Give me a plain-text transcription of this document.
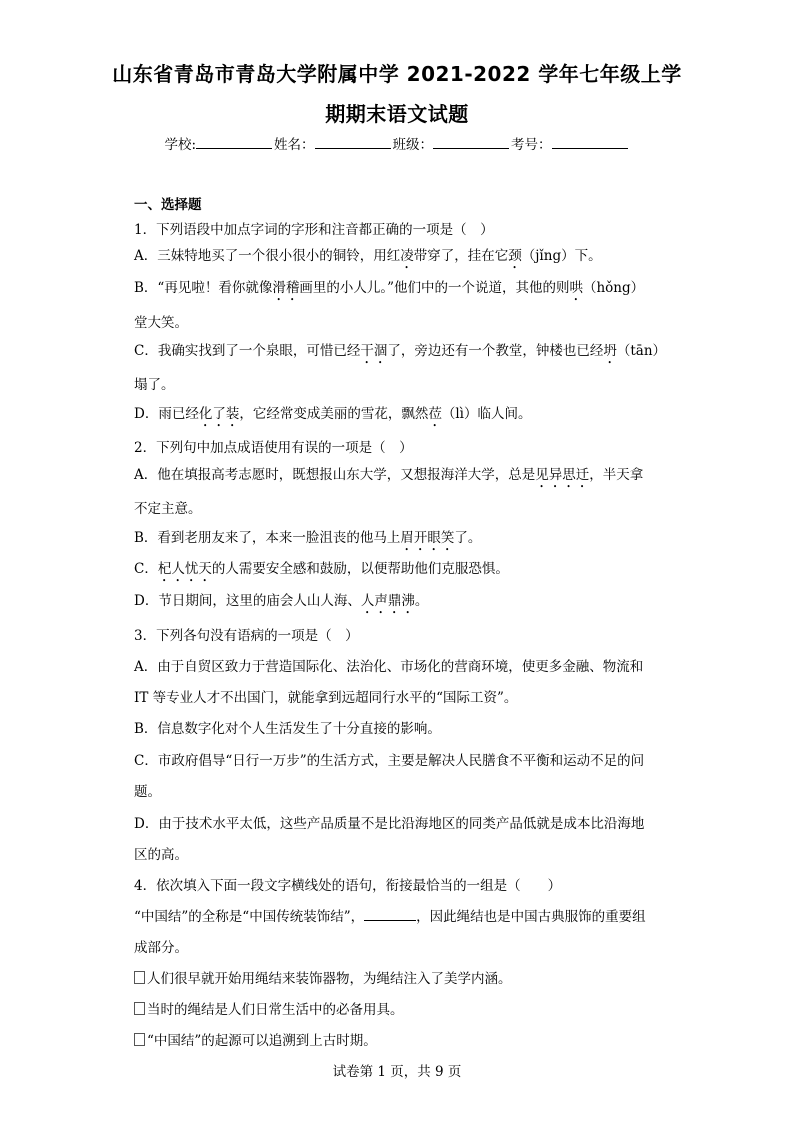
山东省青岛市青岛大学附属中学 2021-2022 学年七年级上学
期期末语文试题
学校:	姓名：	班级：	考号：
一、选择题
1．下列语段中加点字词的字形和注音都正确的一项是（　）
A．三妹特地买了一个很小很小的铜铃，用红凌带穿了，挂在它颈（jǐng）下。
B．“再见啦！看你就像滑稽画里的小人儿。”他们中的一个说道，其他的则哄（hǒng）
堂大笑。
C．我确实找到了一个泉眼，可惜已经干涸了，旁边还有一个教堂，钟楼也已经坍（tān）
塌了。
D．雨已经化了装，它经常变成美丽的雪花，飘然莅（lì）临人间。
2．下列句中加点成语使用有误的一项是（　）
A．他在填报高考志愿时，既想报山东大学，又想报海洋大学，总是见异思迁，半天拿
不定主意。
B．看到老朋友来了，本来一脸沮丧的他马上眉开眼笑了。
C．杞人忧天的人需要安全感和鼓励，以便帮助他们克服恐惧。
D．节日期间，这里的庙会人山人海、人声鼎沸。
3．下列各句没有语病的一项是（　）
A．由于自贸区致力于营造国际化、法治化、市场化的营商环境，使更多金融、物流和
IT 等专业人才不出国门，就能拿到远超同行水平的“国际工资”。
B．信息数字化对个人生活发生了十分直接的影响。
C．市政府倡导“日行一万步”的生活方式，主要是解决人民膳食不平衡和运动不足的问
题。
D．由于技术水平太低，这些产品质量不是比沿海地区的同类产品低就是成本比沿海地
区的高。
4．依次填入下面一段文字横线处的语句，衔接最恰当的一组是（　　）
“中国结”的全称是“中国传统装饰结”，	，因此绳结也是中国古典服饰的重要组
成部分。
人们很早就开始用绳结来装饰器物，为绳结注入了美学内涵。
当时的绳结是人们日常生活中的必备用具。
“中国结”的起源可以追溯到上古时期。
试卷第 1 页，共 9 页
